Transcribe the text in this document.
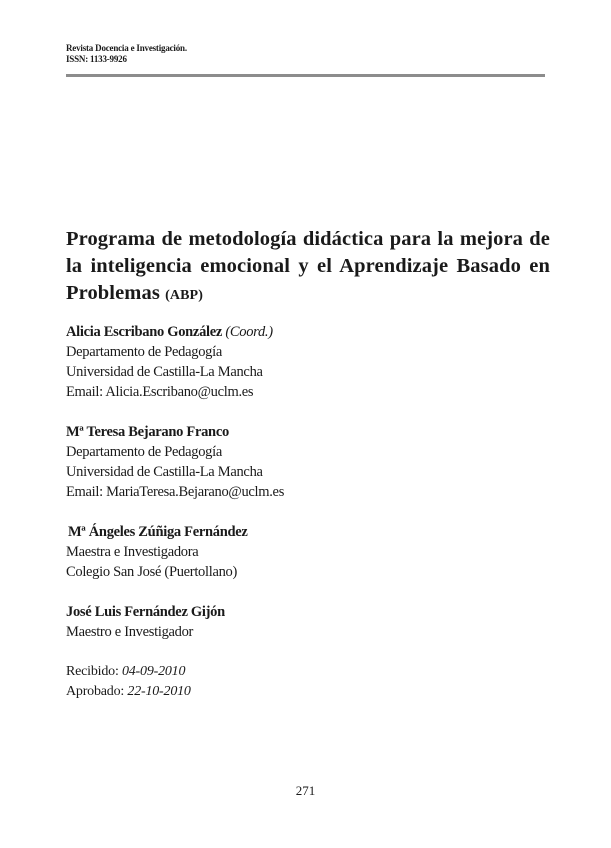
Revista Docencia e Investigación.
ISSN: 1133-9926
Programa de metodología didáctica para la mejora de la inteligencia emocional y el Aprendizaje Basado en Problemas (ABP)
Alicia Escribano González (Coord.)
Departamento de Pedagogía
Universidad de Castilla-La Mancha
Email: Alicia.Escribano@uclm.es
Mª Teresa Bejarano Franco
Departamento de Pedagogía
Universidad de Castilla-La Mancha
Email: MariaTeresa.Bejarano@uclm.es
Mª Ángeles Zúñiga Fernández
Maestra e Investigadora
Colegio San José (Puertollano)
José Luis Fernández Gijón
Maestro e Investigador
Recibido: 04-09-2010
Aprobado: 22-10-2010
271
